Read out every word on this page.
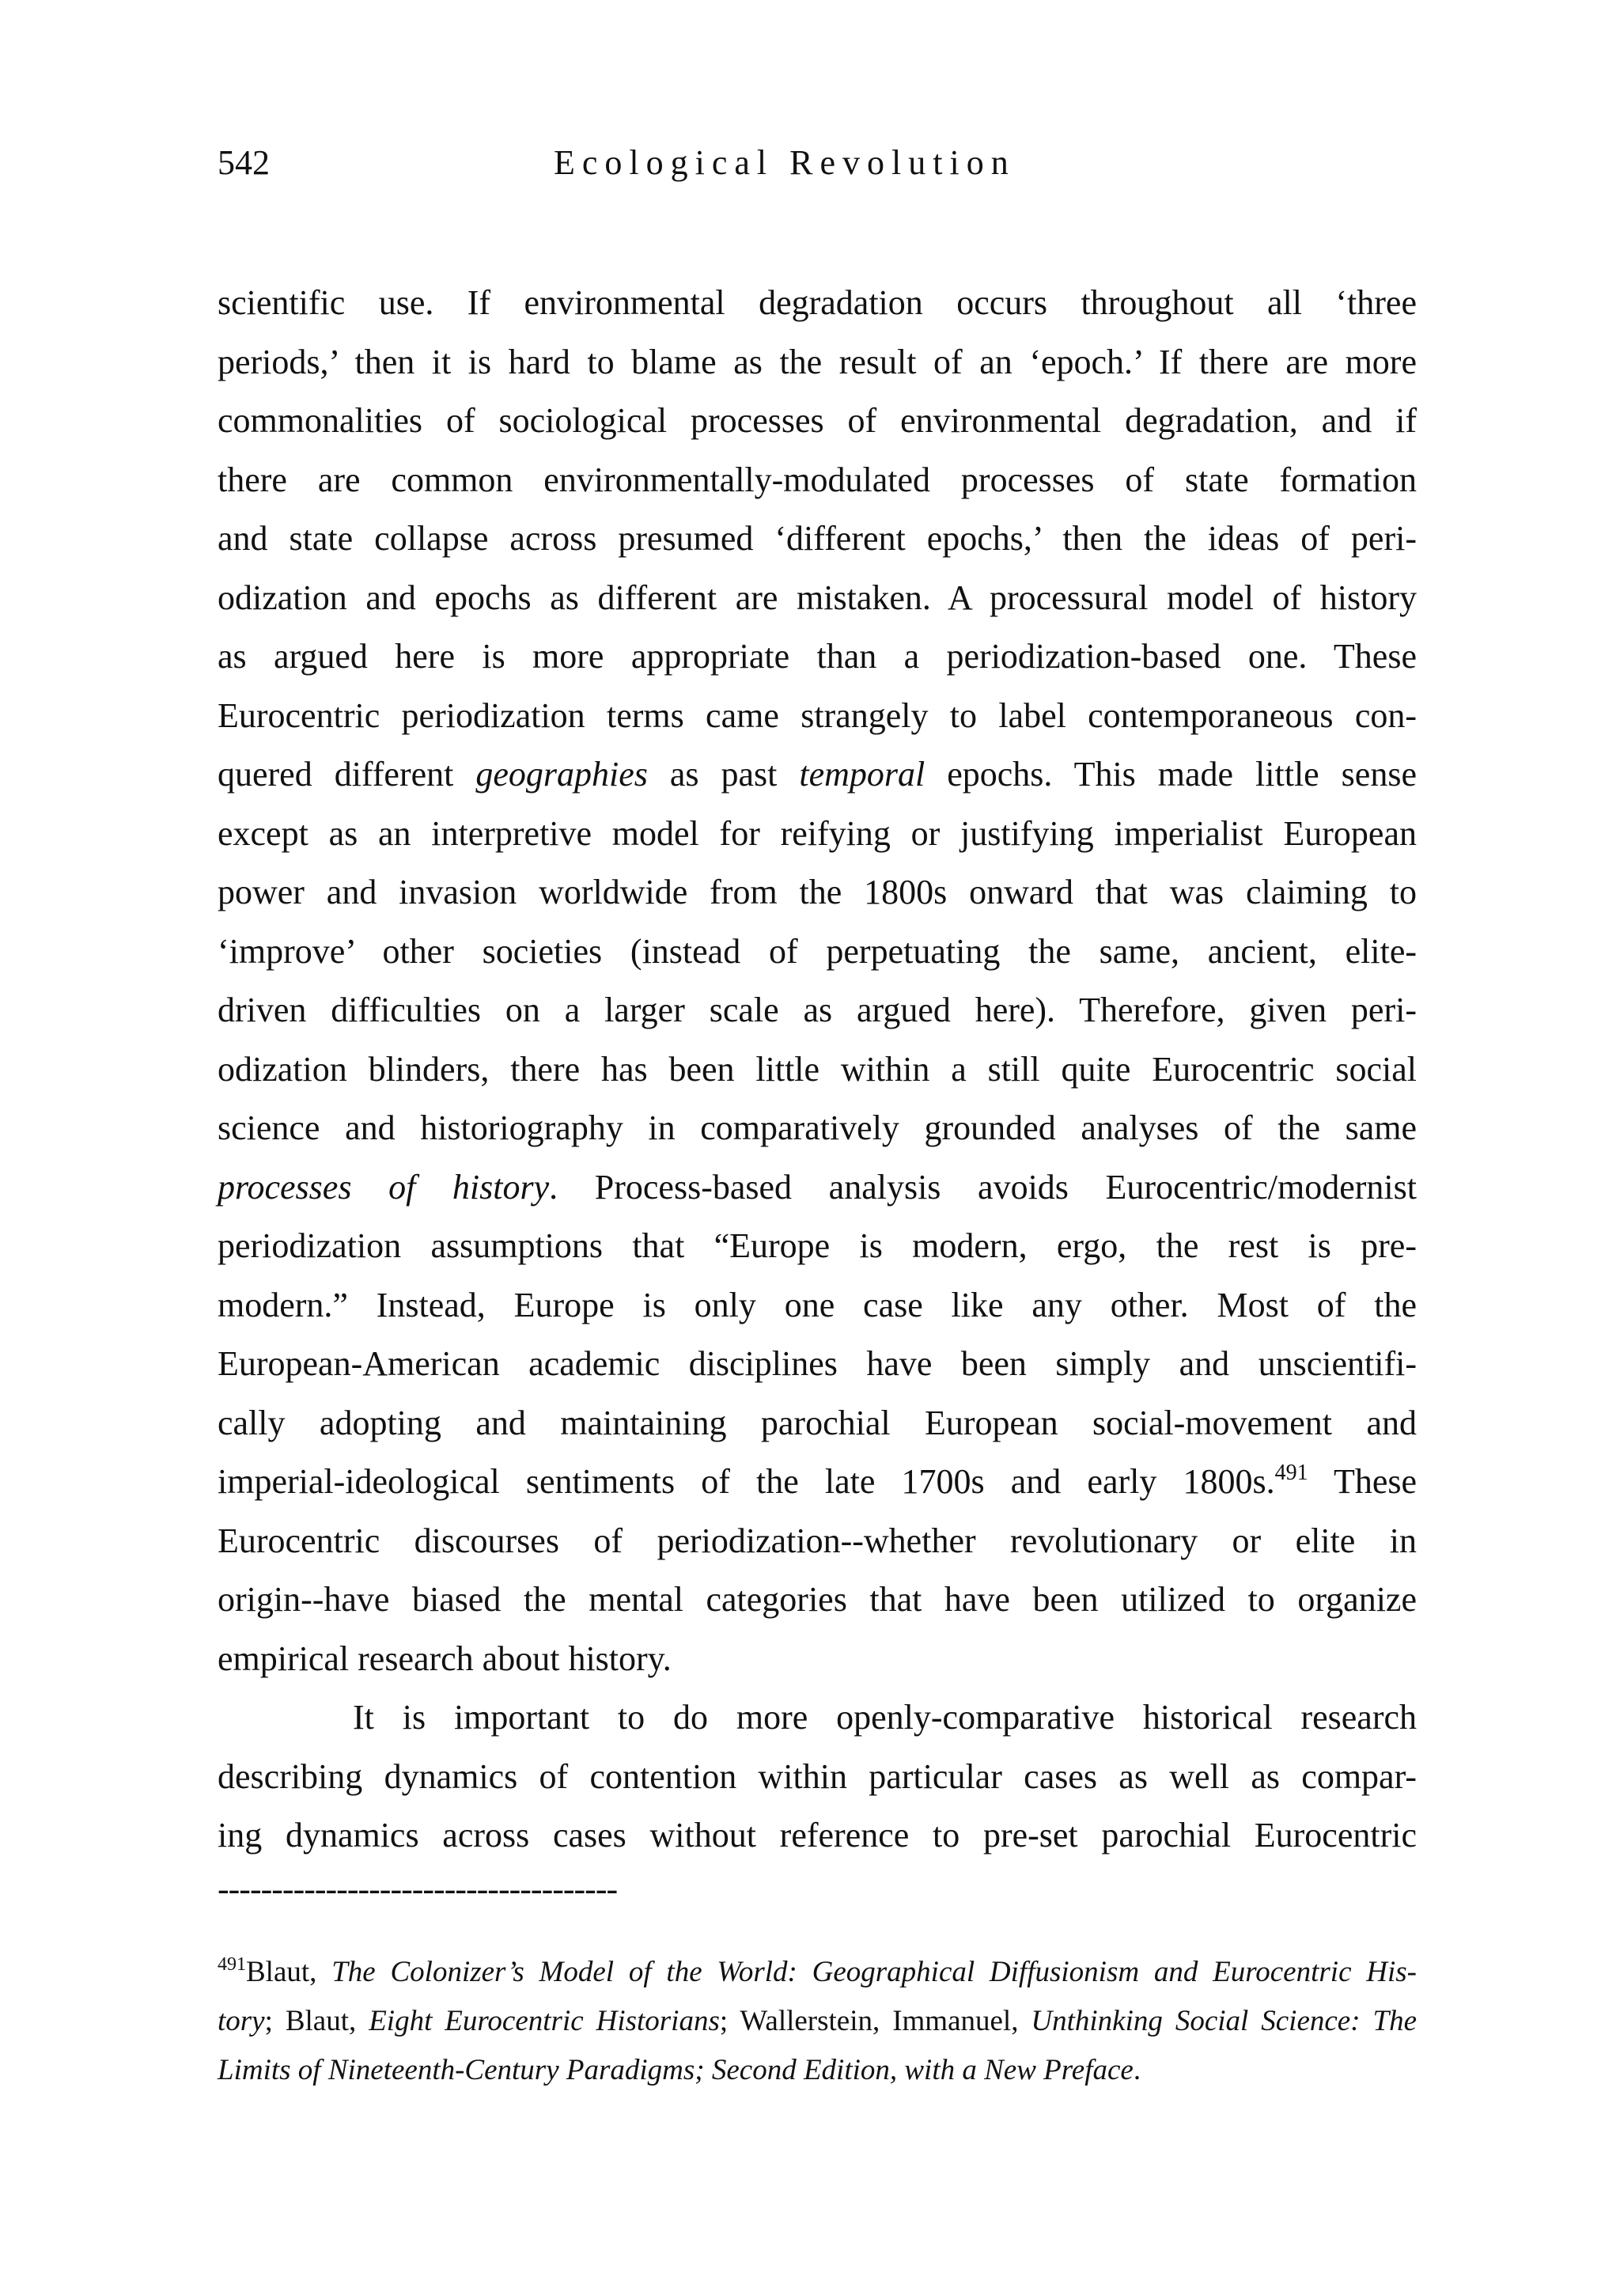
542	Ecological Revolution
scientific use. If environmental degradation occurs throughout all ‘three
periods,’ then it is hard to blame as the result of an ‘epoch.’ If there are more
commonalities of sociological processes of environmental degradation, and if
there are common environmentally-modulated processes of state formation
and state collapse across presumed ‘different epochs,’ then the ideas of peri-
odization and epochs as different are mistaken. A processural model of history
as argued here is more appropriate than a periodization-based one. These
Eurocentric periodization terms came strangely to label contemporaneous con-
quered different geographies as past temporal epochs. This made little sense
except as an interpretive model for reifying or justifying imperialist European
power and invasion worldwide from the 1800s onward that was claiming to
‘improve’ other societies (instead of perpetuating the same, ancient, elite-
driven difficulties on a larger scale as argued here). Therefore, given peri-
odization blinders, there has been little within a still quite Eurocentric social
science and historiography in comparatively grounded analyses of the same
processes of history. Process-based analysis avoids Eurocentric/modernist
periodization assumptions that “Europe is modern, ergo, the rest is pre-
modern.” Instead, Europe is only one case like any other. Most of the
European-American academic disciplines have been simply and unscientifi-
cally adopting and maintaining parochial European social-movement and
imperial-ideological sentiments of the late 1700s and early 1800s.$^{491}$ These
Eurocentric discourses of periodization--whether revolutionary or elite in
origin--have biased the mental categories that have been utilized to organize
empirical research about history.
It is important to do more openly-comparative historical research
describing dynamics of contention within particular cases as well as compar-
ing dynamics across cases without reference to pre-set parochial Eurocentric
-------------------------------------
$^{491}$Blaut, The Colonizer’s Model of the World: Geographical Diffusionism and Eurocentric His-
tory; Blaut, Eight Eurocentric Historians; Wallerstein, Immanuel, Unthinking Social Science: The
Limits of Nineteenth-Century Paradigms; Second Edition, with a New Preface.
